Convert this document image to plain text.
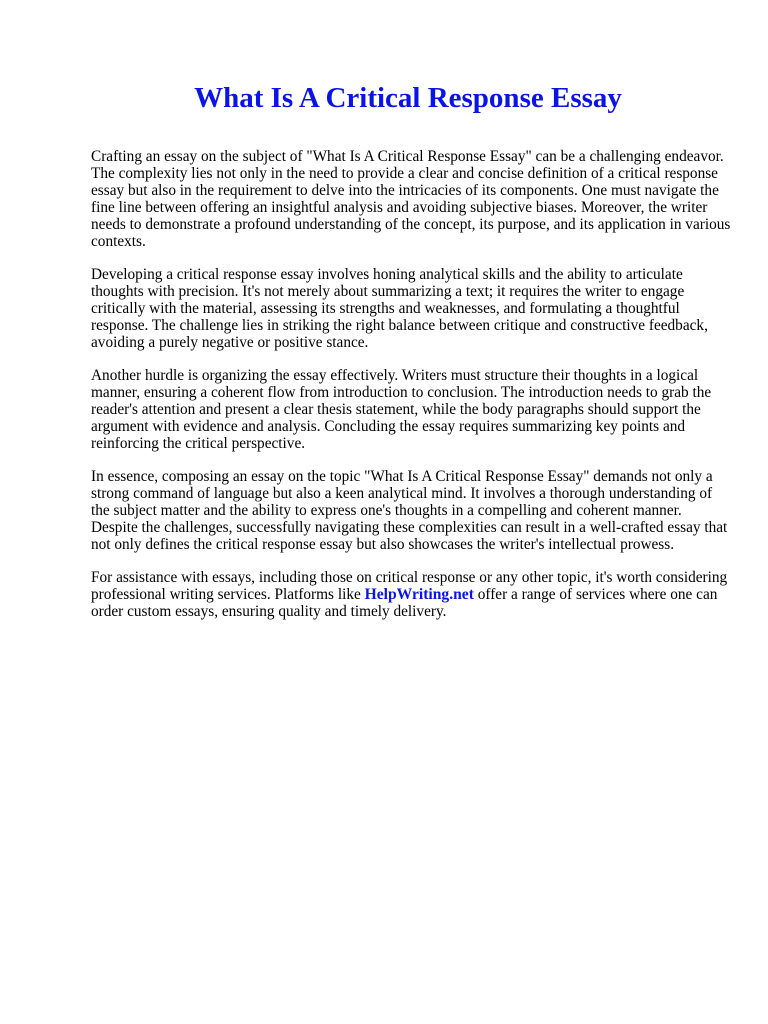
What Is A Critical Response Essay

Crafting an essay on the subject of "What Is A Critical Response Essay" can be a challenging endeavor. The complexity lies not only in the need to provide a clear and concise definition of a critical response essay but also in the requirement to delve into the intricacies of its components. One must navigate the fine line between offering an insightful analysis and avoiding subjective biases. Moreover, the writer needs to demonstrate a profound understanding of the concept, its purpose, and its application in various contexts.

Developing a critical response essay involves honing analytical skills and the ability to articulate thoughts with precision. It's not merely about summarizing a text; it requires the writer to engage critically with the material, assessing its strengths and weaknesses, and formulating a thoughtful response. The challenge lies in striking the right balance between critique and constructive feedback, avoiding a purely negative or positive stance.

Another hurdle is organizing the essay effectively. Writers must structure their thoughts in a logical manner, ensuring a coherent flow from introduction to conclusion. The introduction needs to grab the reader's attention and present a clear thesis statement, while the body paragraphs should support the argument with evidence and analysis. Concluding the essay requires summarizing key points and reinforcing the critical perspective.

In essence, composing an essay on the topic "What Is A Critical Response Essay" demands not only a strong command of language but also a keen analytical mind. It involves a thorough understanding of the subject matter and the ability to express one's thoughts in a compelling and coherent manner. Despite the challenges, successfully navigating these complexities can result in a well-crafted essay that not only defines the critical response essay but also showcases the writer's intellectual prowess.

For assistance with essays, including those on critical response or any other topic, it's worth considering professional writing services. Platforms like HelpWriting.net offer a range of services where one can order custom essays, ensuring quality and timely delivery.
